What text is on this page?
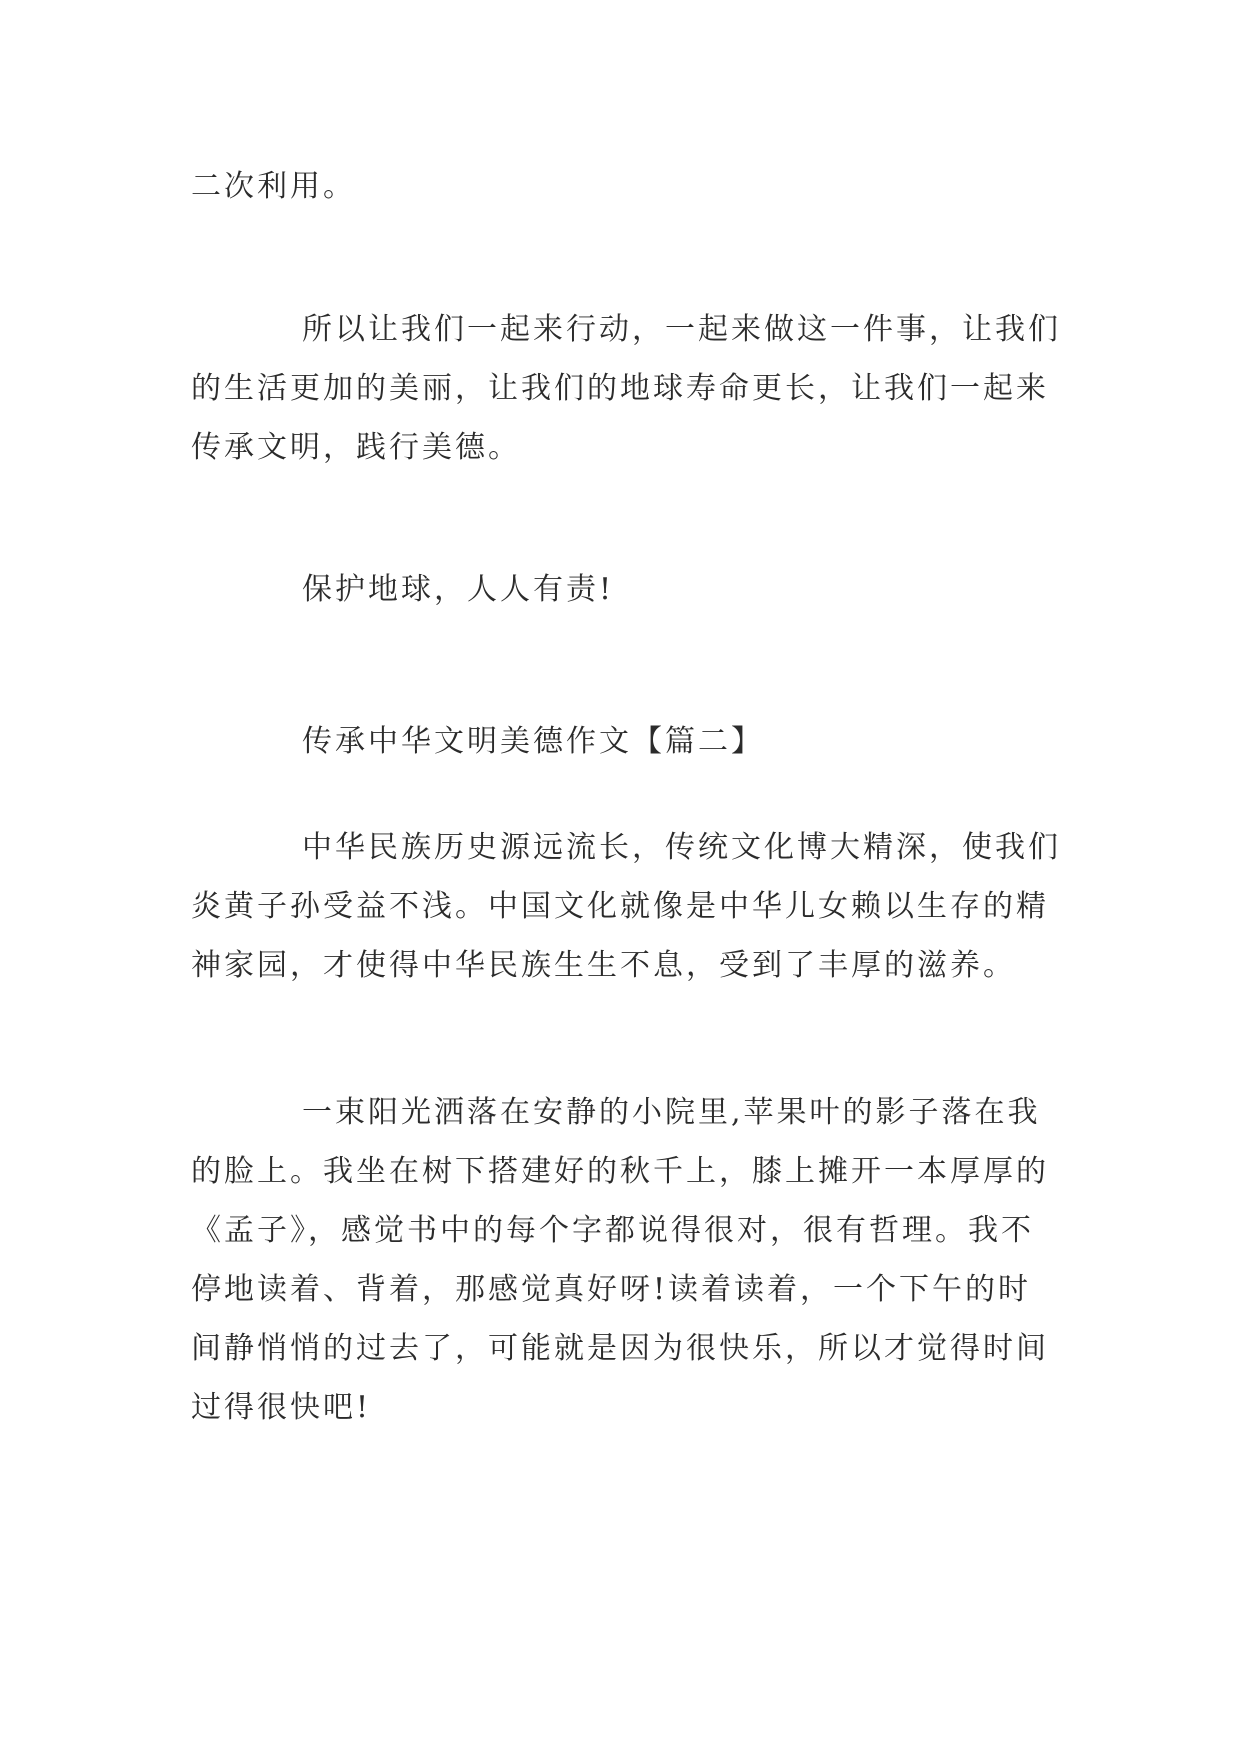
二次利用。

所以让我们一起来行动，一起来做这一件事，让我们
的生活更加的美丽，让我们的地球寿命更长，让我们一起来
传承文明，践行美德。

保护地球，人人有责!

传承中华文明美德作文【篇二】

中华民族历史源远流长，传统文化博大精深，使我们
炎黄子孙受益不浅。中国文化就像是中华儿女赖以生存的精
神家园，才使得中华民族生生不息，受到了丰厚的滋养。

一束阳光洒落在安静的小院里,苹果叶的影子落在我
的脸上。我坐在树下搭建好的秋千上，膝上摊开一本厚厚的
《孟子》，感觉书中的每个字都说得很对，很有哲理。我不
停地读着、背着，那感觉真好呀!读着读着，一个下午的时
间静悄悄的过去了，可能就是因为很快乐，所以才觉得时间
过得很快吧!
